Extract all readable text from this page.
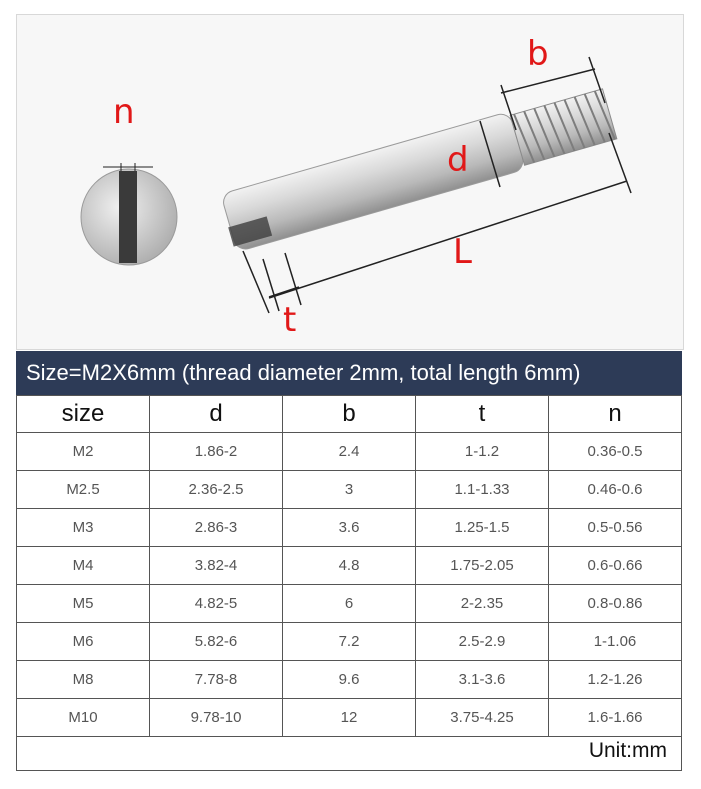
n
b
d
L
t
Size=M2X6mm (thread diameter 2mm, total length 6mm)
size	d	b	t	n
M2	1.86-2	2.4	1-1.2	0.36-0.5
M2.5	2.36-2.5	3	1.1-1.33	0.46-0.6
M3	2.86-3	3.6	1.25-1.5	0.5-0.56
M4	3.82-4	4.8	1.75-2.05	0.6-0.66
M5	4.82-5	6	2-2.35	0.8-0.86
M6	5.82-6	7.2	2.5-2.9	1-1.06
M8	7.78-8	9.6	3.1-3.6	1.2-1.26
M10	9.78-10	12	3.75-4.25	1.6-1.66
Unit:mm
